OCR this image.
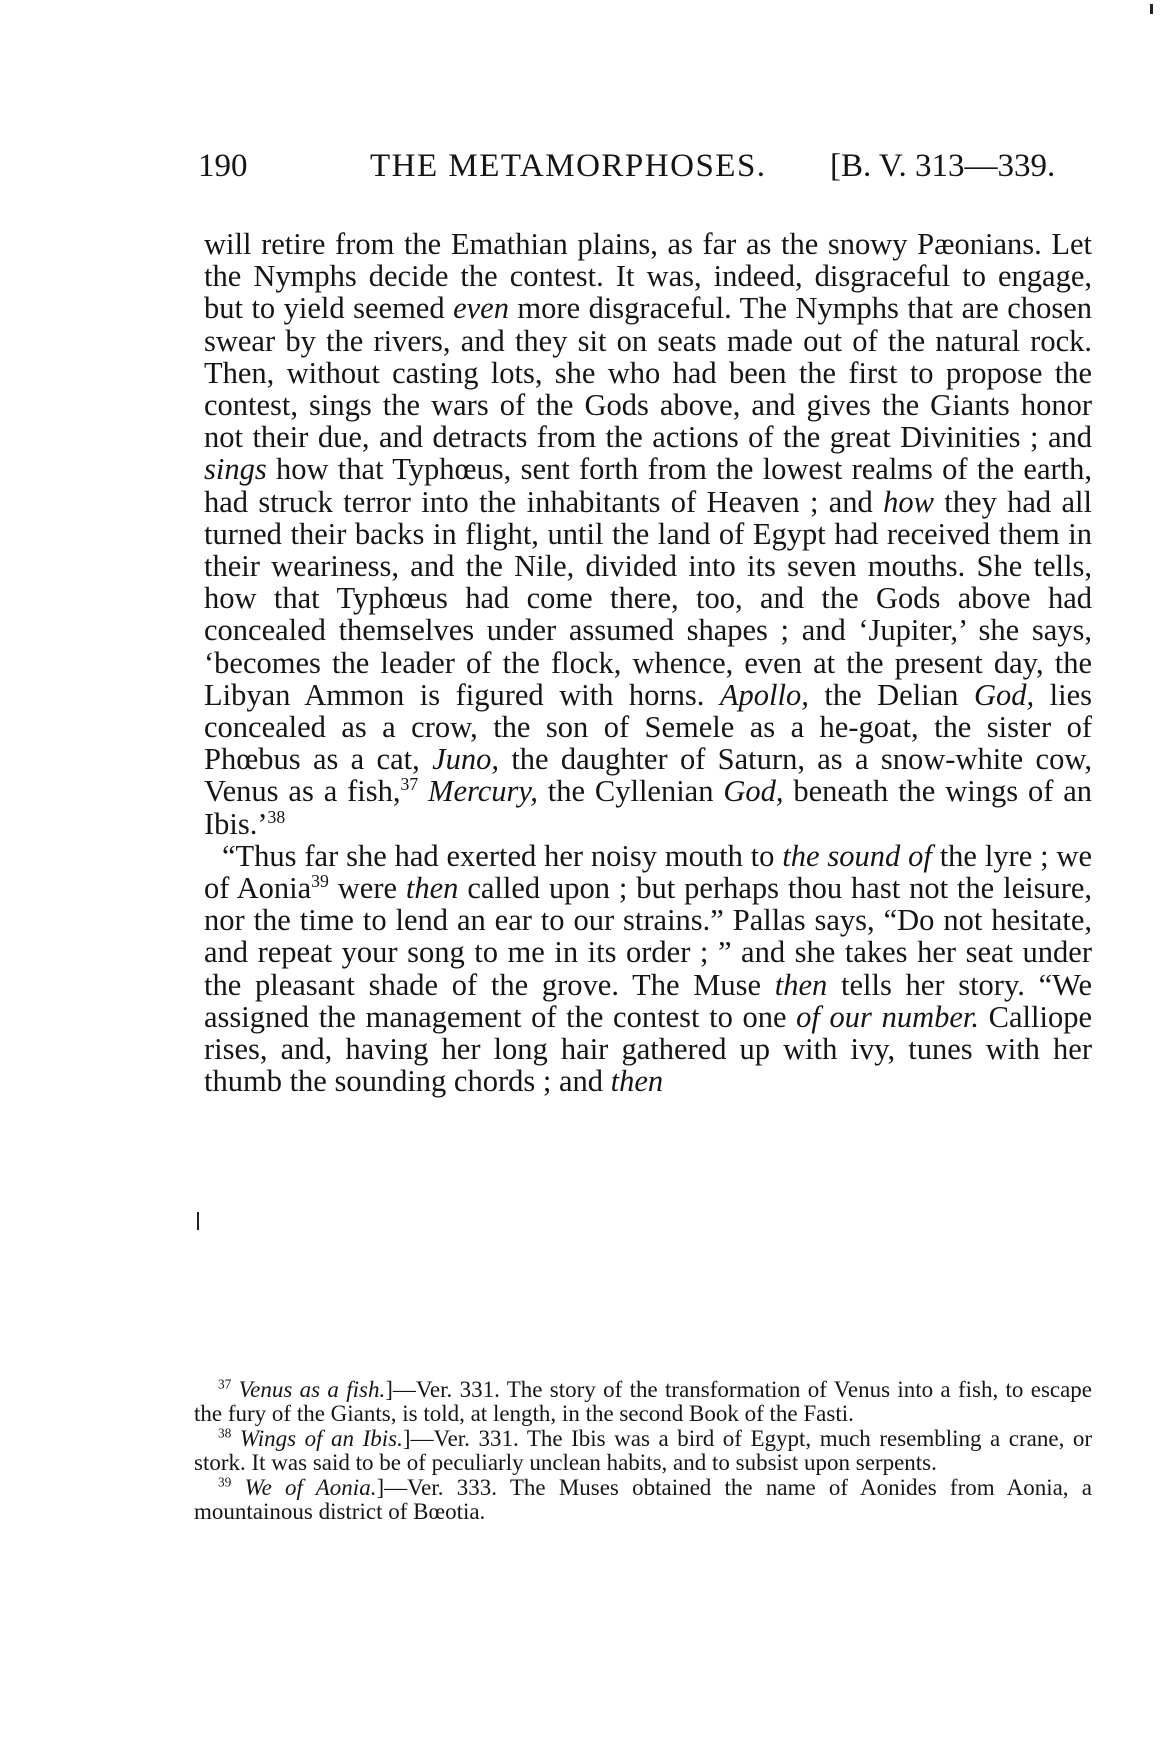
190	THE METAMORPHOSES. [B. V. 313—339.

will retire from the Emathian plains, as far as the snowy Pæonians. Let the Nymphs decide the contest. It was, indeed, disgraceful to engage, but to yield seemed even more disgraceful. The Nymphs that are chosen swear by the rivers, and they sit on seats made out of the natural rock. Then, without casting lots, she who had been the first to propose the contest, sings the wars of the Gods above, and gives the Giants honor not their due, and detracts from the actions of the great Divinities ; and sings how that Typhœus, sent forth from the lowest realms of the earth, had struck terror into the inhabitants of Heaven ; and how they had all turned their backs in flight, until the land of Egypt had received them in their weariness, and the Nile, divided into its seven mouths. She tells, how that Typhœus had come there, too, and the Gods above had concealed themselves under assumed shapes ; and ‘Jupiter,’ she says, ‘becomes the leader of the flock, whence, even at the present day, the Libyan Ammon is figured with horns. Apollo, the Delian God, lies concealed as a crow, the son of Semele as a he-goat, the sister of Phœbus as a cat, Juno, the daughter of Saturn, as a snow-white cow, Venus as a fish,$^{37}$ Mercury, the Cyllenian God, beneath the wings of an Ibis.’$^{38}$

“Thus far she had exerted her noisy mouth to the sound of the lyre ; we of Aonia$^{39}$ were then called upon ; but perhaps thou hast not the leisure, nor the time to lend an ear to our strains.” Pallas says, “Do not hesitate, and repeat your song to me in its order ; ” and she takes her seat under the pleasant shade of the grove. The Muse then tells her story. “We assigned the management of the contest to one of our number. Calliope rises, and, having her long hair gathered up with ivy, tunes with her thumb the sounding chords ; and then

$^{37}$ Venus as a fish.]—Ver. 331. The story of the transformation of Venus into a fish, to escape the fury of the Giants, is told, at length, in the second Book of the Fasti.

$^{38}$ Wings of an Ibis.]—Ver. 331. The Ibis was a bird of Egypt, much resembling a crane, or stork. It was said to be of peculiarly unclean habits, and to subsist upon serpents.

$^{39}$ We of Aonia.]—Ver. 333. The Muses obtained the name of Aonides from Aonia, a mountainous district of Bœotia.
